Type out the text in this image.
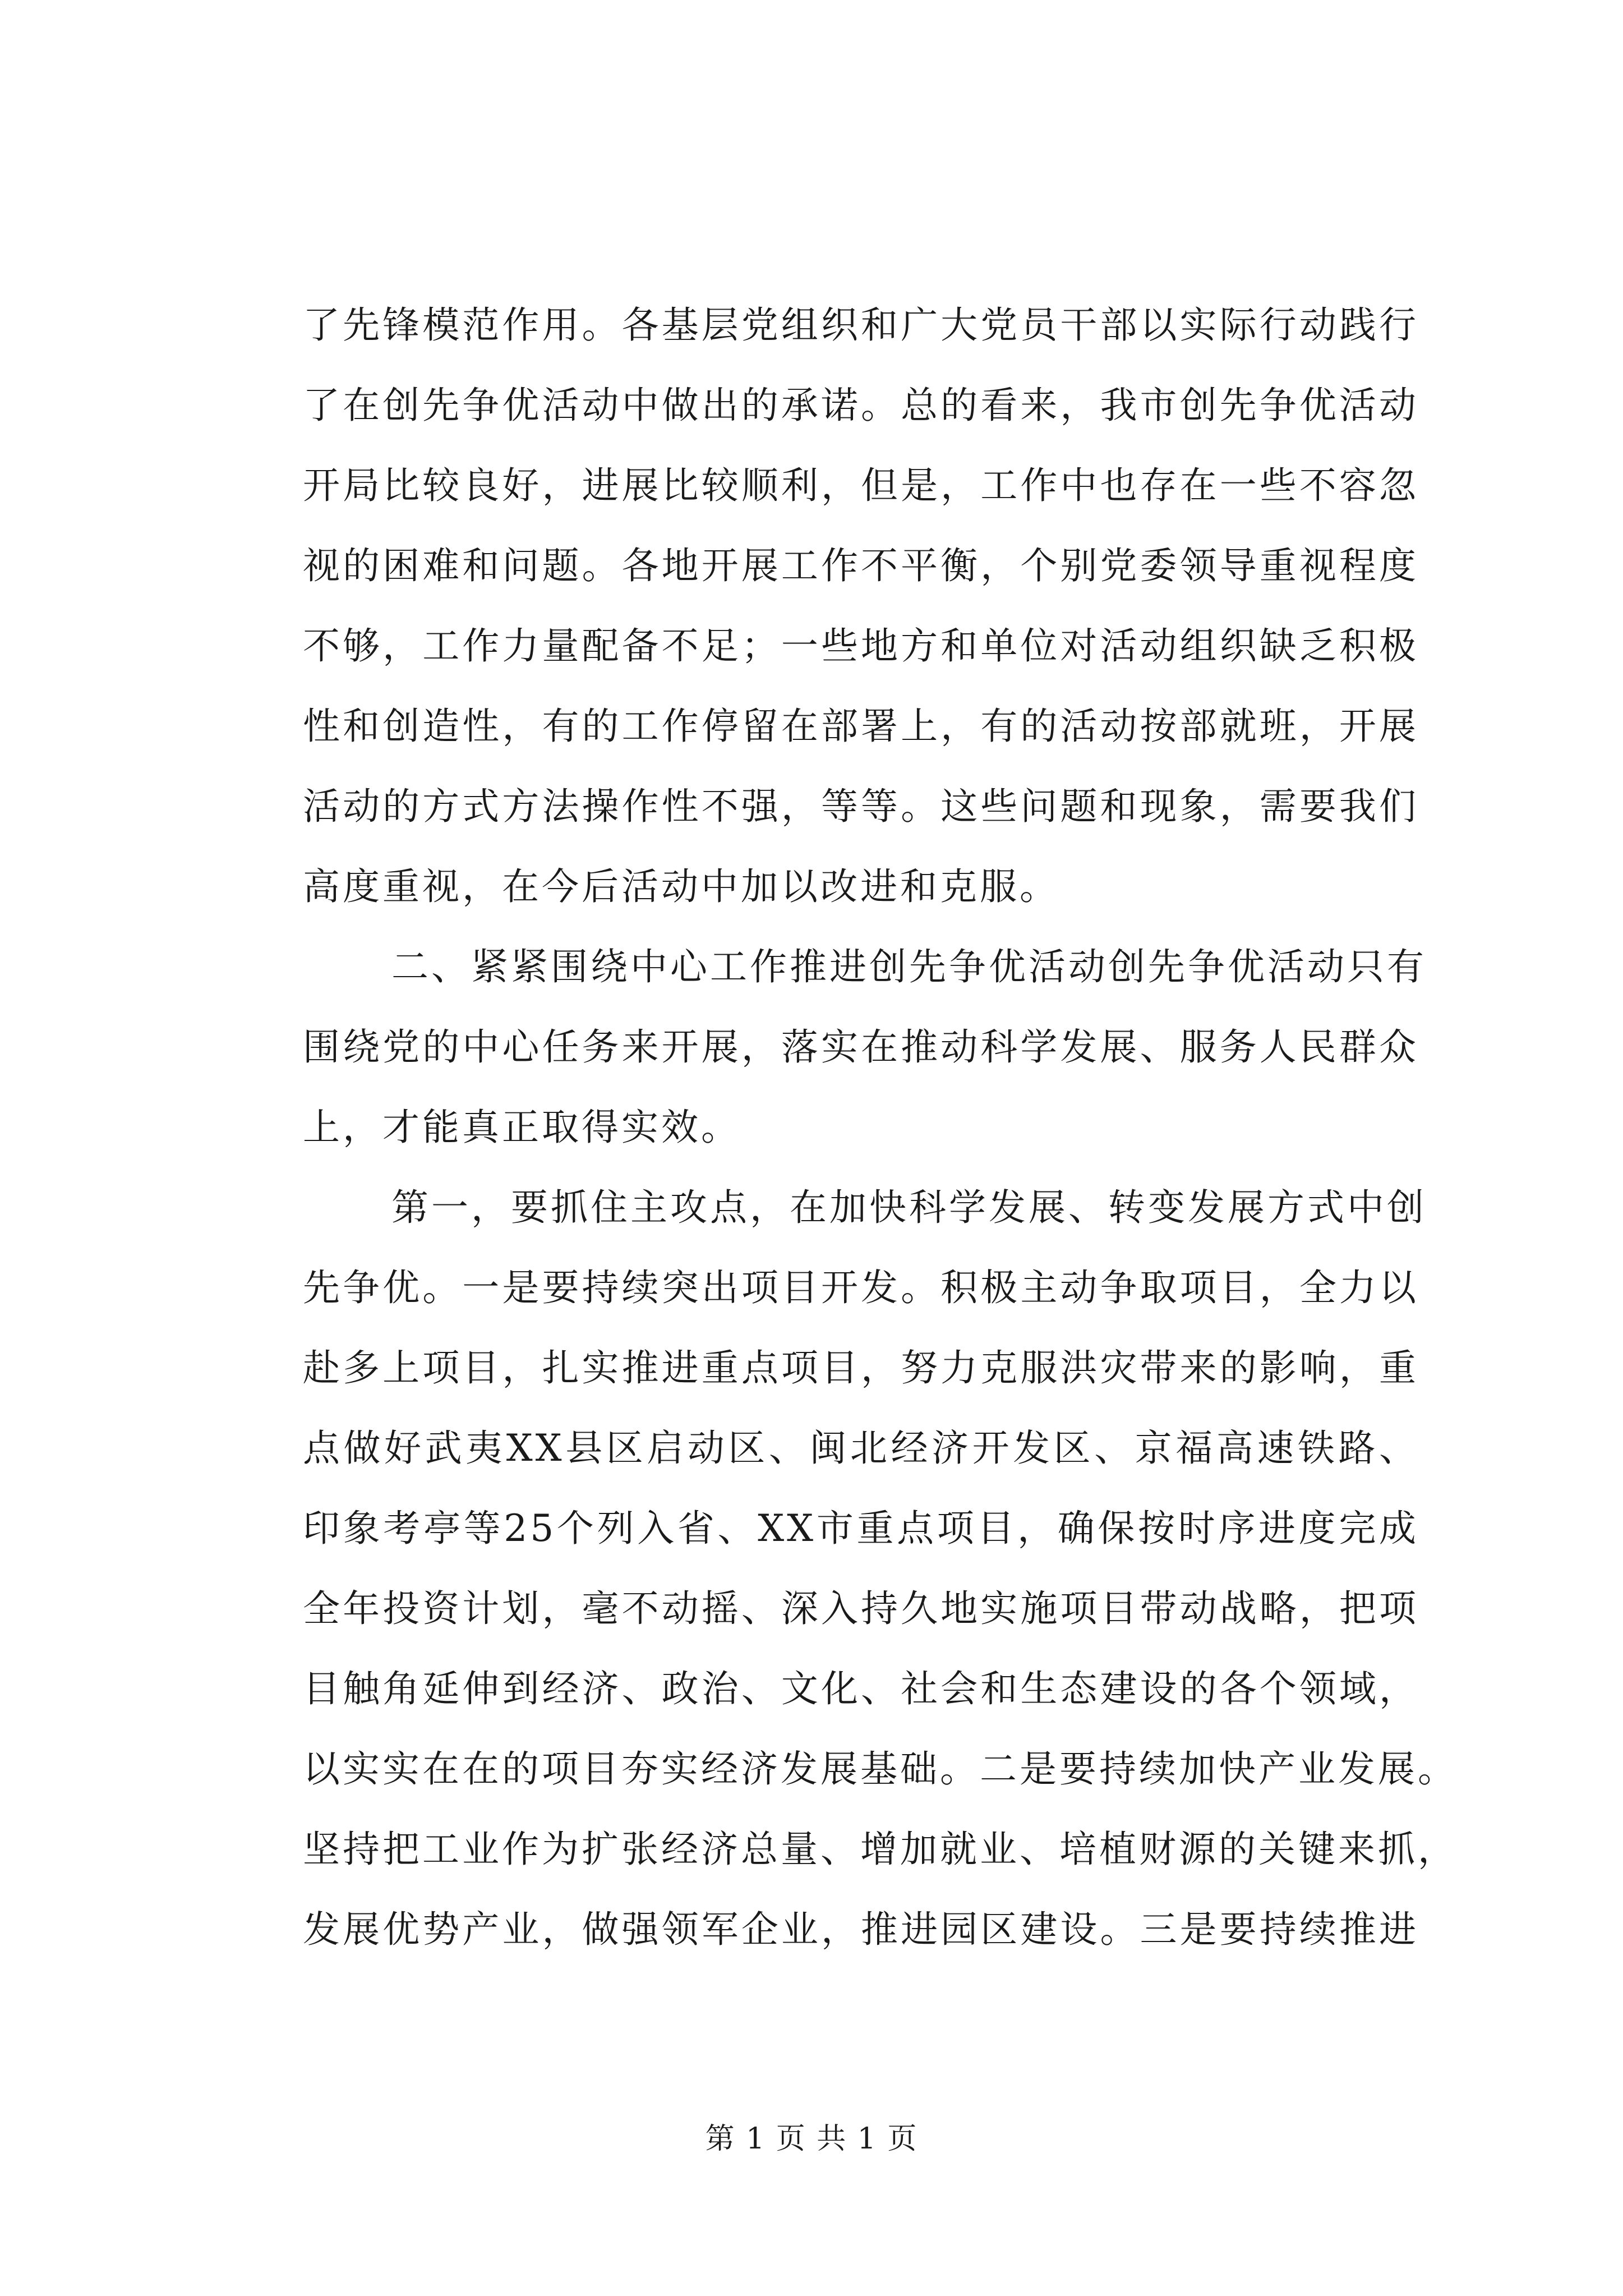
了先锋模范作用。各基层党组织和广大党员干部以实际行动践行
了在创先争优活动中做出的承诺。总的看来，我市创先争优活动
开局比较良好，进展比较顺利，但是，工作中也存在一些不容忽
视的困难和问题。各地开展工作不平衡，个别党委领导重视程度
不够，工作力量配备不足；一些地方和单位对活动组织缺乏积极
性和创造性，有的工作停留在部署上，有的活动按部就班，开展
活动的方式方法操作性不强，等等。这些问题和现象，需要我们
高度重视，在今后活动中加以改进和克服。
二、紧紧围绕中心工作推进创先争优活动创先争优活动只有
围绕党的中心任务来开展，落实在推动科学发展、服务人民群众
上，才能真正取得实效。
第一，要抓住主攻点，在加快科学发展、转变发展方式中创
先争优。一是要持续突出项目开发。积极主动争取项目，全力以
赴多上项目，扎实推进重点项目，努力克服洪灾带来的影响，重
点做好武夷XX县区启动区、闽北经济开发区、京福高速铁路、
印象考亭等25个列入省、XX市重点项目，确保按时序进度完成
全年投资计划，毫不动摇、深入持久地实施项目带动战略，把项
目触角延伸到经济、政治、文化、社会和生态建设的各个领域，
以实实在在的项目夯实经济发展基础。二是要持续加快产业发展。
坚持把工业作为扩张经济总量、增加就业、培植财源的关键来抓，
发展优势产业，做强领军企业，推进园区建设。三是要持续推进
第 1 页 共 1 页
